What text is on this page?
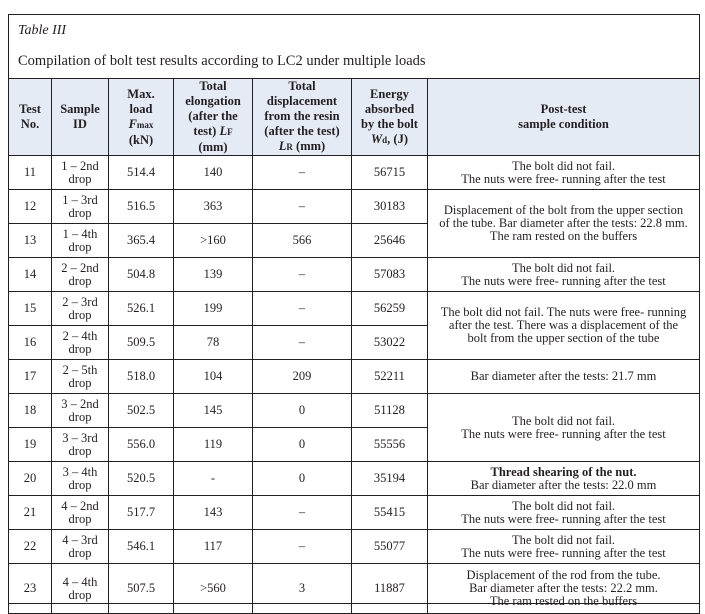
Table III
Compilation of bolt test results according to LC2 under multiple loads
Test
No.	Sample
ID	Max.
load
Fmax
(kN)	Total
elongation
(after the
test) LF
(mm)	Total
displacement
from the resin
(after the test)
LR (mm)	Energy
absorbed
by the bolt
Wd, (J)	Post-test
sample condition
11	1 – 2nd
drop	514.4	140	–	56715	The bolt did not fail.
The nuts were free- running after the test
12	1 – 3rd
drop	516.5	363	–	30183	Displacement of the bolt from the upper section
of the tube. Bar diameter after the tests: 22.8 mm.
The ram rested on the buffers
13	1 – 4th
drop	365.4	>160	566	25646	
14	2 – 2nd
drop	504.8	139	–	57083	The bolt did not fail.
The nuts were free- running after the test
15	2 – 3rd
drop	526.1	199	–	56259	The bolt did not fail. The nuts were free- running
after the test. There was a displacement of the
bolt from the upper section of the tube
16	2 – 4th
drop	509.5	78	–	53022	
17	2 – 5th
drop	518.0	104	209	52211	Bar diameter after the tests: 21.7 mm
18	3 – 2nd
drop	502.5	145	0	51128	The bolt did not fail.
The nuts were free- running after the test
19	3 – 3rd
drop	556.0	119	0	55556	
20	3 – 4th
drop	520.5	-	0	35194	Thread shearing of the nut.
Bar diameter after the tests: 22.0 mm
21	4 – 2nd
drop	517.7	143	–	55415	The bolt did not fail.
The nuts were free- running after the test
22	4 – 3rd
drop	546.1	117	–	55077	The bolt did not fail.
The nuts were free- running after the test
23	4 – 4th
drop	507.5	>560	3	11887	Displacement of the rod from the tube.
Bar diameter after the tests: 22.2 mm.
The ram rested on the buffers
